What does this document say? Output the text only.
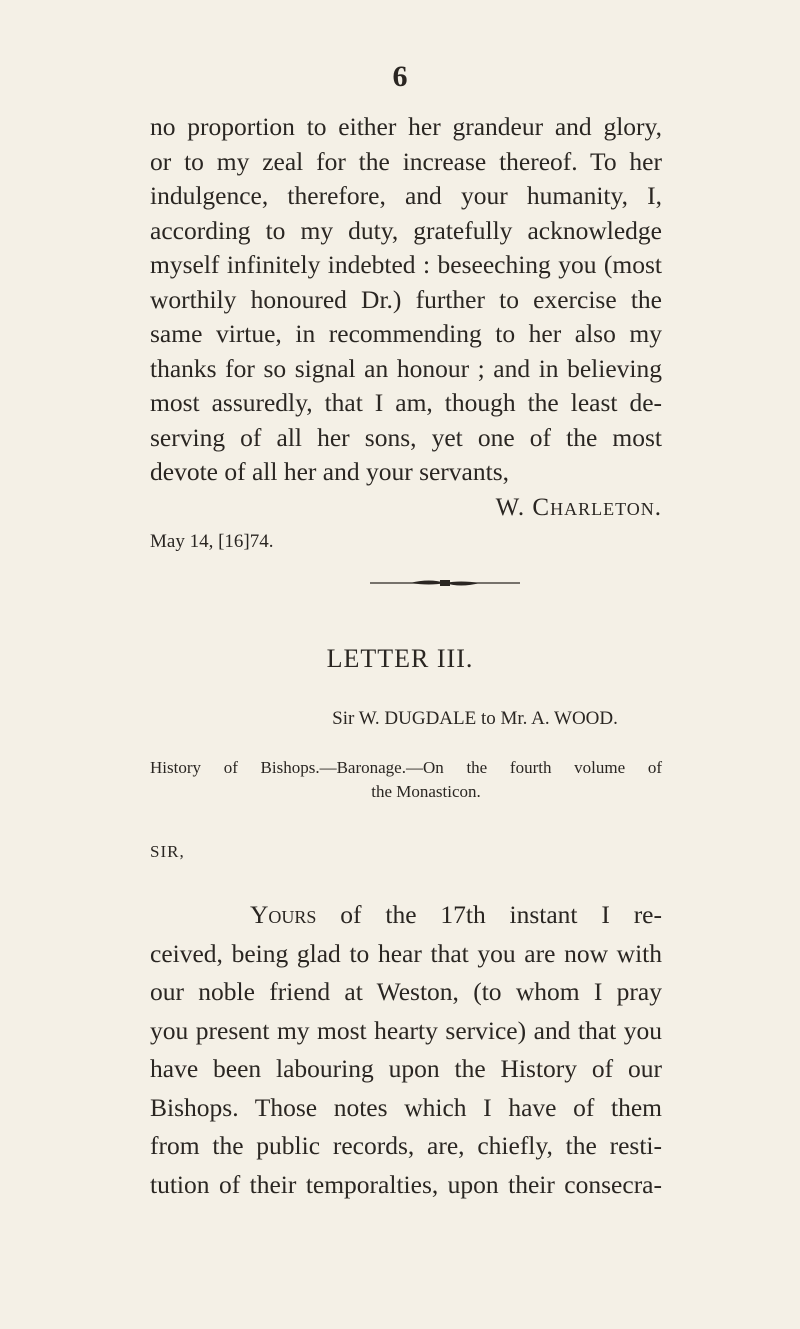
6
no proportion to either her grandeur and glory,
or to my zeal for the increase thereof. To her
indulgence, therefore, and your humanity, I,
according to my duty, gratefully acknowledge
myself infinitely indebted : beseeching you (most
worthily honoured Dr.) further to exercise the
same virtue, in recommending to her also my
thanks for so signal an honour ; and in believing
most assuredly, that I am, though the least de-
serving of all her sons, yet one of the most
devote of all her and your servants,
W. Charleton.
May 14, [16]74.
LETTER III.
Sir W. DUGDALE to Mr. A. WOOD.
History of Bishops.—Baronage.—On the fourth volume of
the Monasticon.
SIR,
Yours of the 17th instant I re-
ceived, being glad to hear that you are now with
our noble friend at Weston, (to whom I pray
you present my most hearty service) and that you
have been labouring upon the History of our
Bishops. Those notes which I have of them
from the public records, are, chiefly, the resti-
tution of their temporalties, upon their consecra-
